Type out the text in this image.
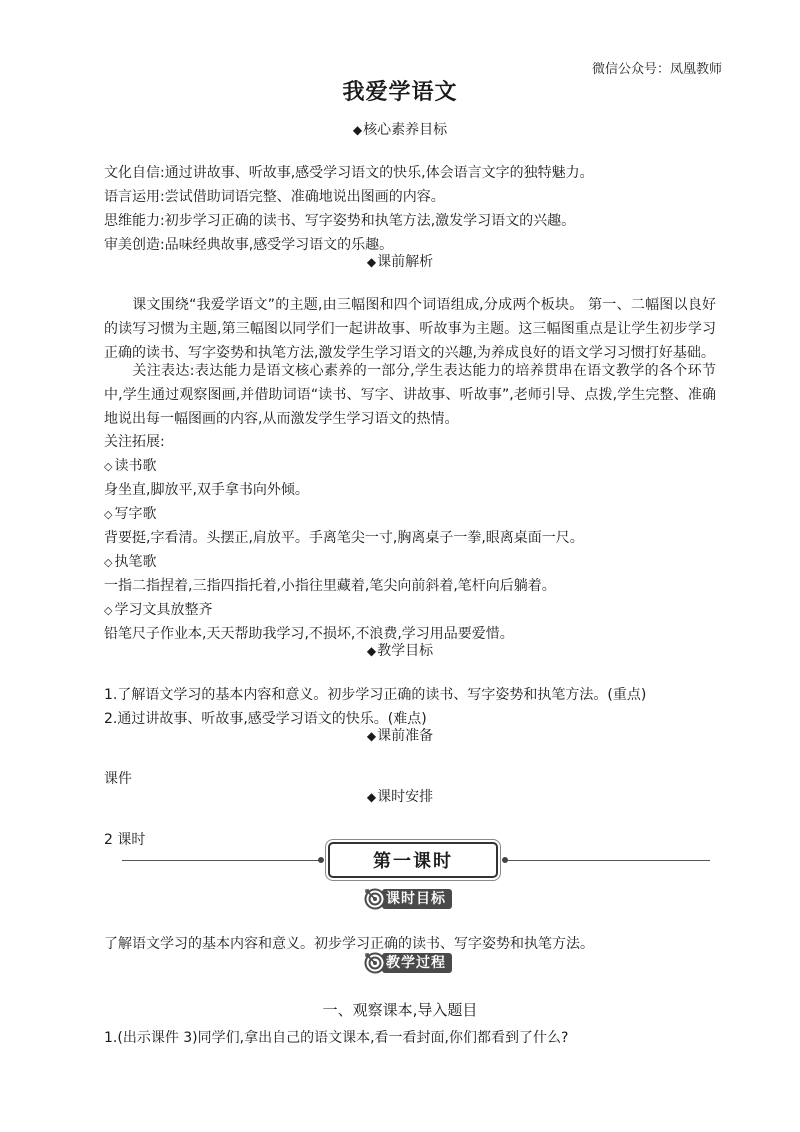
微信公众号：凤凰教师
我爱学语文
◆核心素养目标
文化自信:通过讲故事、听故事,感受学习语文的快乐,体会语言文字的独特魅力。
语言运用:尝试借助词语完整、准确地说出图画的内容。
思维能力:初步学习正确的读书、写字姿势和执笔方法,激发学习语文的兴趣。
审美创造:品味经典故事,感受学习语文的乐趣。
◆课前解析
课文围绕“我爱学语文”的主题,由三幅图和四个词语组成,分成两个板块。 第一、二幅图以良好的读写习惯为主题,第三幅图以同学们一起讲故事、听故事为主题。这三幅图重点是让学生初步学习正确的读书、写字姿势和执笔方法,激发学生学习语文的兴趣,为养成良好的语文学习习惯打好基础。
关注表达:表达能力是语文核心素养的一部分,学生表达能力的培养贯串在语文教学的各个环节中,学生通过观察图画,并借助词语“读书、写字、讲故事、听故事”,老师引导、点拨,学生完整、准确地说出每一幅图画的内容,从而激发学生学习语文的热情。
关注拓展:
◇ 读书歌
身坐直,脚放平,双手拿书向外倾。
◇ 写字歌
背要挺,字看清。头摆正,肩放平。手离笔尖一寸,胸离桌子一拳,眼离桌面一尺。
◇ 执笔歌
一指二指捏着,三指四指托着,小指往里藏着,笔尖向前斜着,笔杆向后躺着。
◇ 学习文具放整齐
铅笔尺子作业本,天天帮助我学习,不损坏,不浪费,学习用品要爱惜。
◆教学目标
1.了解语文学习的基本内容和意义。初步学习正确的读书、写字姿势和执笔方法。(重点)
2.通过讲故事、听故事,感受学习语文的快乐。(难点)
◆课前准备
课件
◆课时安排
2 课时
第一课时
课时目标
了解语文学习的基本内容和意义。初步学习正确的读书、写字姿势和执笔方法。
教学过程
一、观察课本,导入题目
1.(出示课件 3)同学们,拿出自己的语文课本,看一看封面,你们都看到了什么?
